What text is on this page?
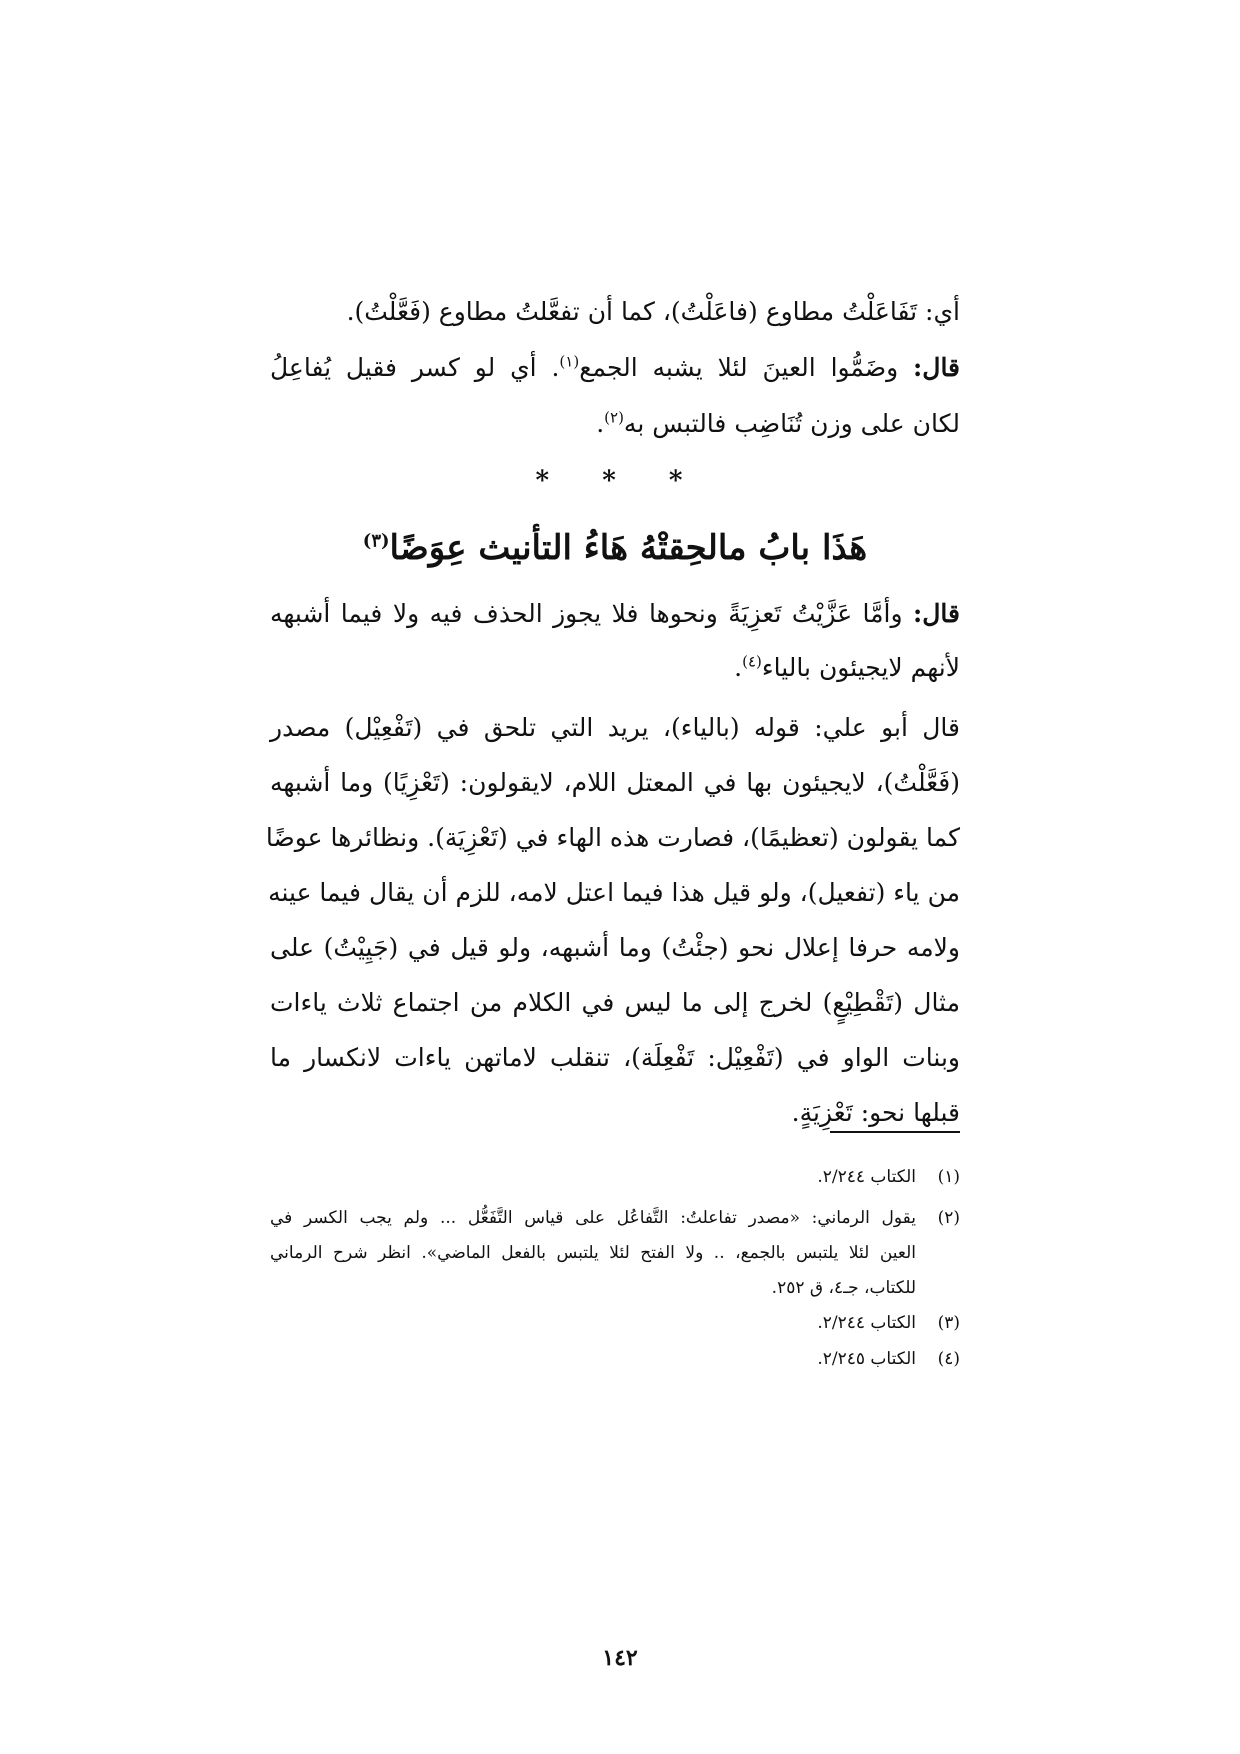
أي: تَفَاعَلْتُ مطاوع (فاعَلْتُ)، كما أن تفعَّلتُ مطاوع (فَعَّلْتُ).
قال: وضَمُّوا العينَ لئلا يشبه الجمع$^{(١)}$. أي لو كسر فقيل يُفاعِلُ
لكان على وزن تُنَاضِب فالتبس به$^{(٢)}$.
* * *
هَذَا بابُ مالحِقتْهُ هَاءُ التأنيث عِوَضًا$^{(٣)}$
قال: وأمَّا عَزَّيْتُ تَعزِيَةً ونحوها فلا يجوز الحذف فيه ولا فيما أشبهه
لأنهم لايجيئون بالياء$^{(٤)}$.
قال أبو علي: قوله (بالياء)، يريد التي تلحق في (تَفْعِيْل) مصدر
(فَعَّلْتُ)، لايجيئون بها في المعتل اللام، لايقولون: (تَعْزِيًا) وما أشبهه
كما يقولون (تعظيمًا)، فصارت هذه الهاء في (تَعْزِيَة). ونظائرها عوضًا
من ياء (تفعيل)، ولو قيل هذا فيما اعتل لامه، للزم أن يقال فيما عينه
ولامه حرفا إعلال نحو (جئْتُ) وما أشبهه، ولو قيل في (جَيِيْتُ) على
مثال (تَقْطِيْعٍ) لخرج إلى ما ليس في الكلام من اجتماع ثلاث ياءات
وبنات الواو في (تَفْعِيْل: تَفْعِلَة)، تنقلب لاماتهن ياءات لانكسار ما
قبلها نحو: تَعْزِيَةٍ.
(١)الكتاب ٢/٢٤٤.
(٢)يقول الرماني: «مصدر تفاعلتُ: التَّفاعُل على قياس التَّفَعُّل ... ولم يجب الكسر في
العين لئلا يلتبس بالجمع، .. ولا الفتح لئلا يلتبس بالفعل الماضي». انظر شرح الرماني
للكتاب، جـ٤، ق ٢٥٢.
(٣)الكتاب ٢/٢٤٤.
(٤)الكتاب ٢/٢٤٥.
١٤٢
